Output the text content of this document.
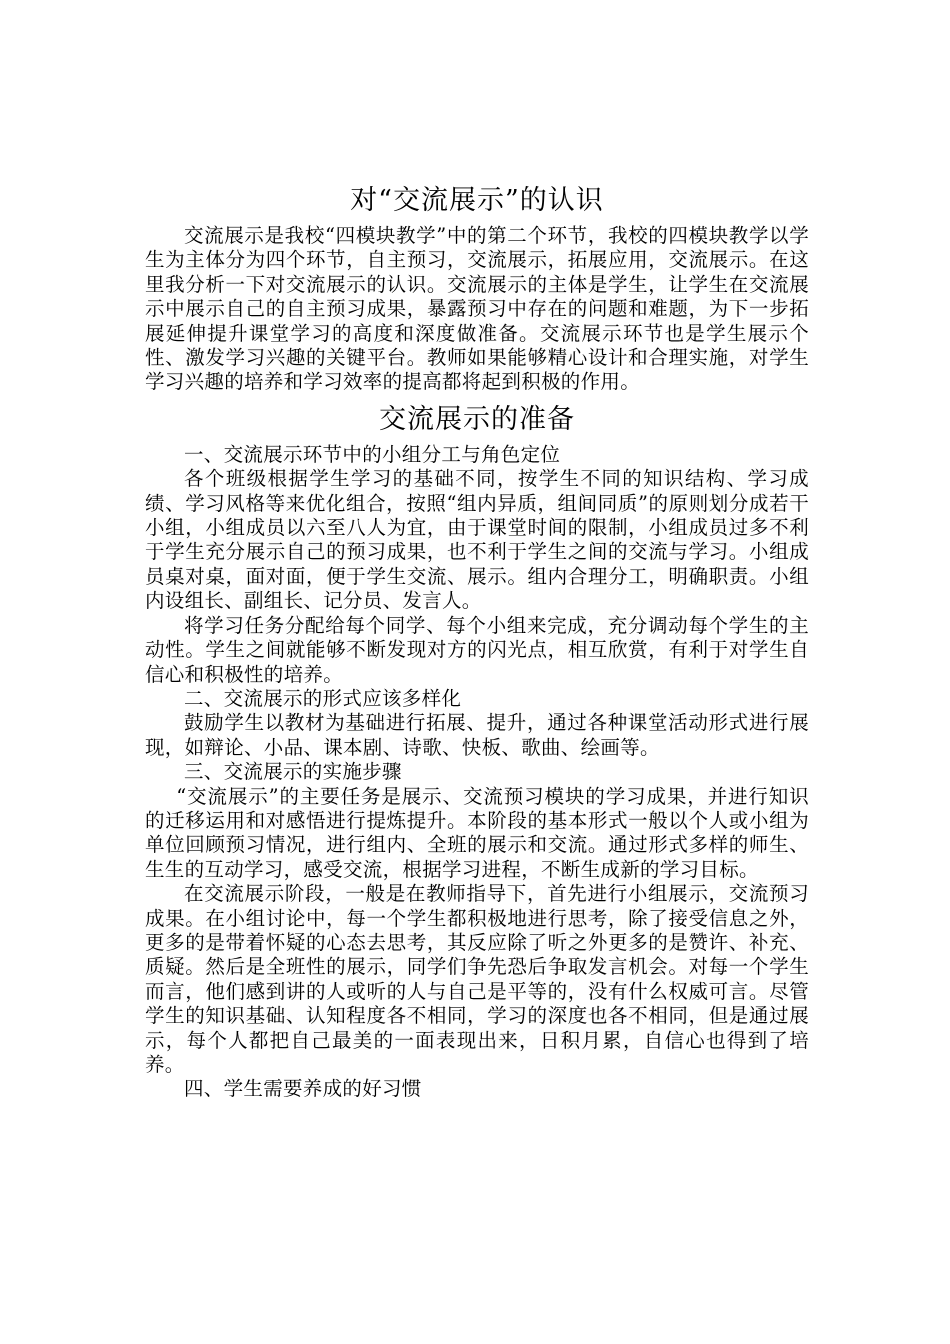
对“交流展示”的认识

交流展示是我校“四模块教学”中的第二个环节，我校的四模块教学以学生为主体分为四个环节，自主预习，交流展示，拓展应用，交流展示。在这里我分析一下对交流展示的认识。交流展示的主体是学生，让学生在交流展示中展示自己的自主预习成果，暴露预习中存在的问题和难题，为下一步拓展延伸提升课堂学习的高度和深度做准备。交流展示环节也是学生展示个性、激发学习兴趣的关键平台。教师如果能够精心设计和合理实施，对学生学习兴趣的培养和学习效率的提高都将起到积极的作用。

交流展示的准备

一、交流展示环节中的小组分工与角色定位

各个班级根据学生学习的基础不同，按学生不同的知识结构、学习成绩、学习风格等来优化组合，按照“组内异质，组间同质”的原则划分成若干小组，小组成员以六至八人为宜，由于课堂时间的限制，小组成员过多不利于学生充分展示自己的预习成果，也不利于学生之间的交流与学习。小组成员桌对桌，面对面，便于学生交流、展示。组内合理分工，明确职责。小组内设组长、副组长、记分员、发言人。

将学习任务分配给每个同学、每个小组来完成，充分调动每个学生的主动性。学生之间就能够不断发现对方的闪光点，相互欣赏，有利于对学生自信心和积极性的培养。

二、交流展示的形式应该多样化

鼓励学生以教材为基础进行拓展、提升，通过各种课堂活动形式进行展现，如辩论、小品、课本剧、诗歌、快板、歌曲、绘画等。

三、交流展示的实施步骤

“交流展示”的主要任务是展示、交流预习模块的学习成果，并进行知识的迁移运用和对感悟进行提炼提升。本阶段的基本形式一般以个人或小组为单位回顾预习情况，进行组内、全班的展示和交流。通过形式多样的师生、生生的互动学习，感受交流，根据学习进程，不断生成新的学习目标。

在交流展示阶段，一般是在教师指导下，首先进行小组展示，交流预习成果。在小组讨论中，每一个学生都积极地进行思考，除了接受信息之外，更多的是带着怀疑的心态去思考，其反应除了听之外更多的是赞许、补充、质疑。然后是全班性的展示，同学们争先恐后争取发言机会。对每一个学生而言，他们感到讲的人或听的人与自己是平等的，没有什么权威可言。尽管学生的知识基础、认知程度各不相同，学习的深度也各不相同，但是通过展示，每个人都把自己最美的一面表现出来，日积月累，自信心也得到了培养。

四、学生需要养成的好习惯
